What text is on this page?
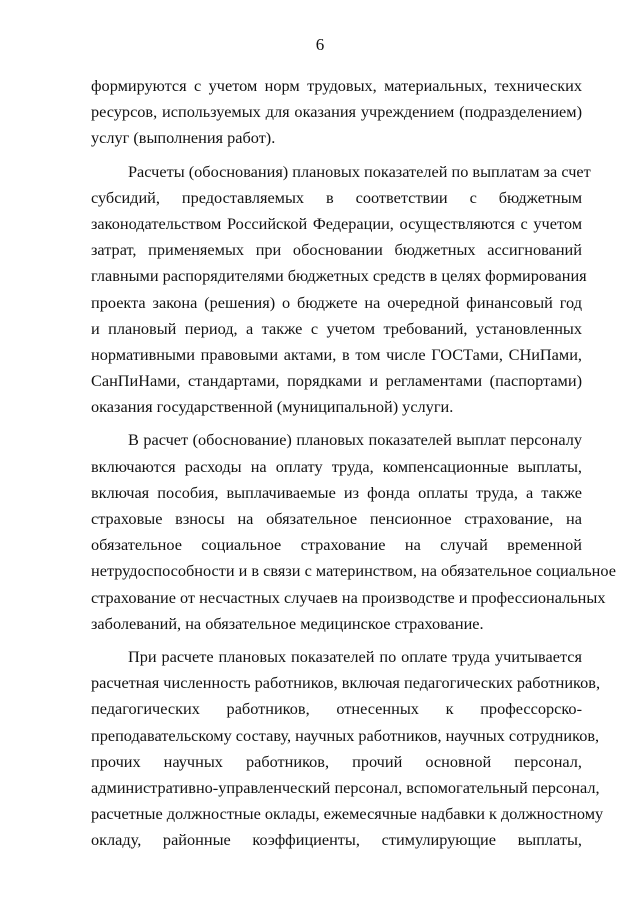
6
формируются с учетом норм трудовых, материальных, технических
ресурсов, используемых для оказания учреждением (подразделением)
услуг (выполнения работ).
Расчеты (обоснования) плановых показателей по выплатам за счет
субсидий, предоставляемых в соответствии с бюджетным
законодательством Российской Федерации, осуществляются с учетом
затрат, применяемых при обосновании бюджетных ассигнований
главными распорядителями бюджетных средств в целях формирования
проекта закона (решения) о бюджете на очередной финансовый год
и плановый период, а также с учетом требований, установленных
нормативными правовыми актами, в том числе ГОСТами, СНиПами,
СанПиНами, стандартами, порядками и регламентами (паспортами)
оказания государственной (муниципальной) услуги.
В расчет (обоснование) плановых показателей выплат персоналу
включаются расходы на оплату труда, компенсационные выплаты,
включая пособия, выплачиваемые из фонда оплаты труда, а также
страховые взносы на обязательное пенсионное страхование, на
обязательное социальное страхование на случай временной
нетрудоспособности и в связи с материнством, на обязательное социальное
страхование от несчастных случаев на производстве и профессиональных
заболеваний, на обязательное медицинское страхование.
При расчете плановых показателей по оплате труда учитывается
расчетная численность работников, включая педагогических работников,
педагогических работников, отнесенных к профессорско-
преподавательскому составу, научных работников, научных сотрудников,
прочих научных работников, прочий основной персонал,
административно-управленческий персонал, вспомогательный персонал,
расчетные должностные оклады, ежемесячные надбавки к должностному
окладу, районные коэффициенты, стимулирующие выплаты,
